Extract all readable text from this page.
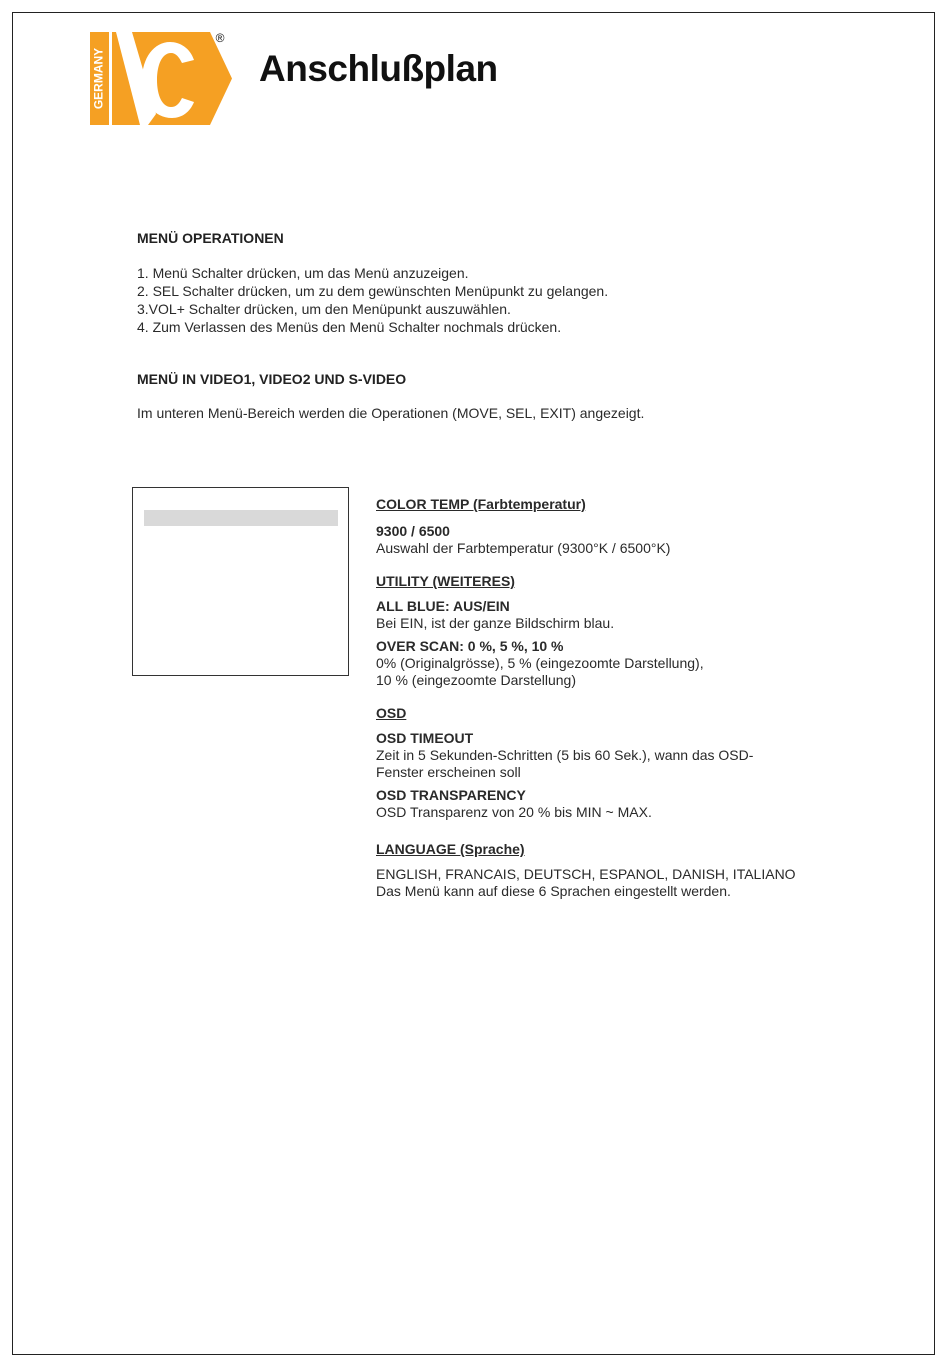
GERMANY
®
Anschlußplan
MENÜ OPERATIONEN
1. Menü Schalter drücken, um das Menü anzuzeigen.
2. SEL Schalter drücken, um zu dem gewünschten Menüpunkt zu gelangen.
3.VOL+ Schalter drücken, um den Menüpunkt auszuwählen.
4. Zum Verlassen des Menüs den Menü Schalter nochmals drücken.
MENÜ IN VIDEO1, VIDEO2 UND S-VIDEO
Im unteren Menü-Bereich werden die Operationen (MOVE, SEL, EXIT) angezeigt.

COLOR TEMP (Farbtemperatur)

9300 / 6500

Auswahl der Farbtemperatur (9300°K / 6500°K)

UTILITY (WEITERES)

ALL BLUE: AUS/EIN

Bei EIN, ist der ganze Bildschirm blau.

OVER SCAN: 0 %, 5 %, 10 %

0% (Originalgrösse), 5 % (eingezoomte Darstellung),

10 % (eingezoomte Darstellung)

OSD

OSD TIMEOUT

Zeit in 5 Sekunden-Schritten (5 bis 60 Sek.), wann das OSD-

Fenster erscheinen soll

OSD TRANSPARENCY

OSD Transparenz von 20 % bis MIN ~ MAX.

LANGUAGE (Sprache)

ENGLISH, FRANCAIS, DEUTSCH, ESPANOL, DANISH, ITALIANO

Das Menü kann auf diese 6 Sprachen eingestellt werden.
